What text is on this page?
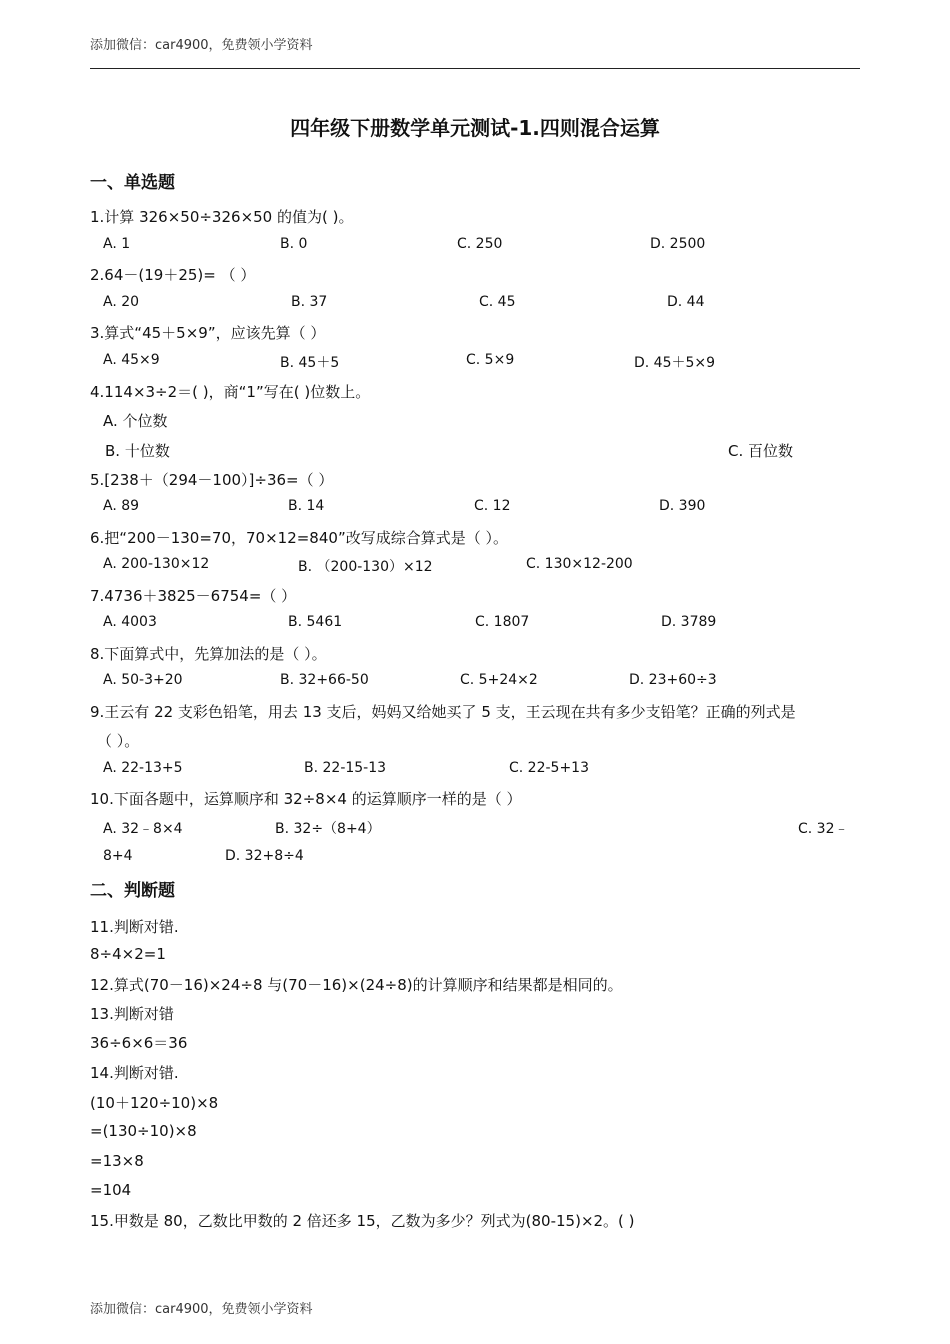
添加微信：car4900，免费领小学资料
四年级下册数学单元测试-1.四则混合运算
一、单选题
1.计算 326×50÷326×50 的值为( )。
A. 1	B. 0	C. 250	D. 2500
2.64－(19＋25)= （ ）
A. 20	B. 37	C. 45	D. 44
3.算式“45＋5×9”，应该先算（ ）
A. 45×9	B. 45＋5	C. 5×9	D. 45＋5×9
4.114×3÷2＝( )，商“1”写在( )位数上。
A. 个位数
B. 十位数	C. 百位数
5.[238＋（294－100）]÷36=（ ）
A. 89	B. 14	C. 12	D. 390
6.把“200－130=70，70×12=840”改写成综合算式是（ ）。
A. 200-130×12	B. （200-130）×12	C. 130×12-200
7.4736＋3825－6754=（ ）
A. 4003	B. 5461	C. 1807	D. 3789
8.下面算式中，先算加法的是（ ）。
A. 50-3+20	B. 32+66-50	C. 5+24×2	D. 23+60÷3
9.王云有 22 支彩色铅笔，用去 13 支后，妈妈又给她买了 5 支，王云现在共有多少支铅笔？正确的列式是
（ ）。
A. 22-13+5	B. 22-15-13	C. 22-5+13
10.下面各题中，运算顺序和 32÷8×4 的运算顺序一样的是（ ）
A. 32﹣8×4	B. 32÷（8+4）	C. 32﹣
8+4	D. 32+8÷4
二、判断题
11.判断对错.
8÷4×2=1
12.算式(70－16)×24÷8 与(70－16)×(24÷8)的计算顺序和结果都是相同的。
13.判断对错
36÷6×6＝36
14.判断对错.
(10＋120÷10)×8
=(130÷10)×8
=13×8
=104
15.甲数是 80，乙数比甲数的 2 倍还多 15，乙数为多少？列式为(80-15)×2。( )
添加微信：car4900，免费领小学资料
